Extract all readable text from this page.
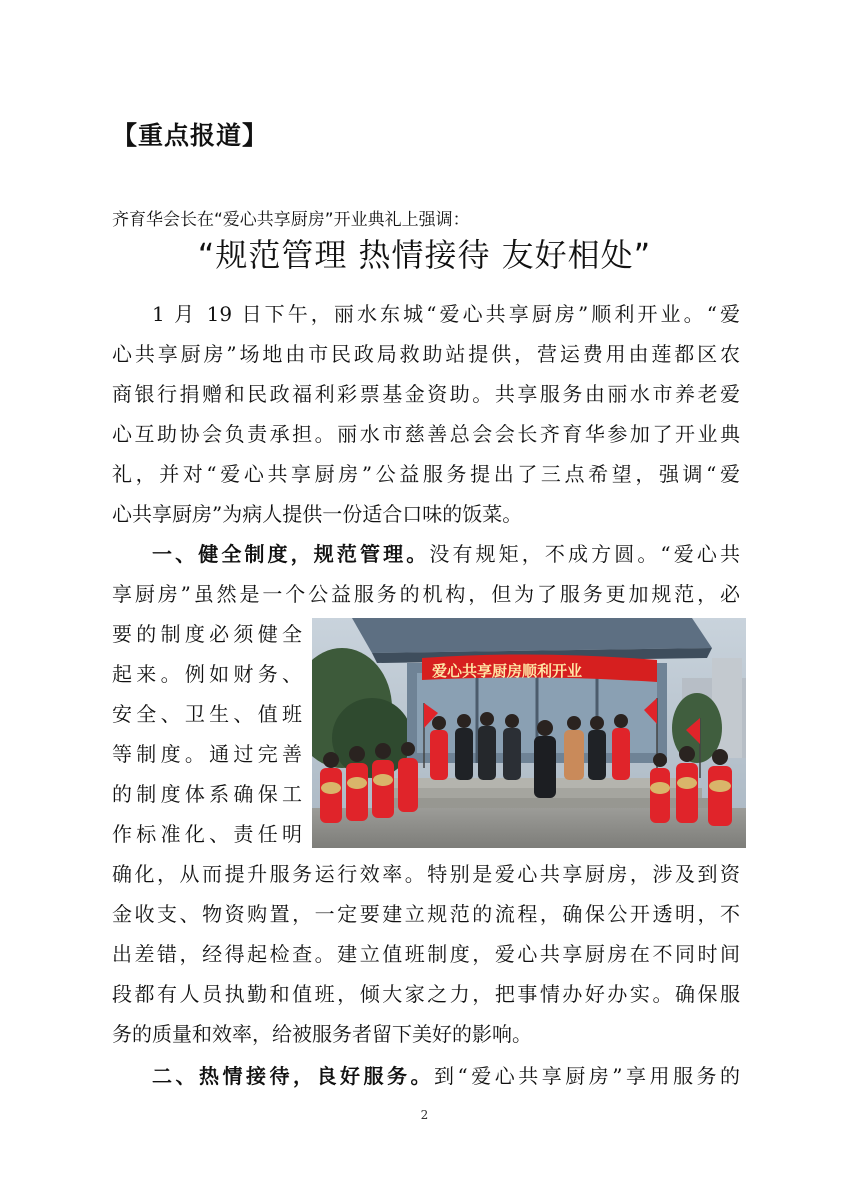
【重点报道】
齐育华会长在“爱心共享厨房”开业典礼上强调：
“规范管理 热情接待 友好相处”
1 月 19 日下午，丽水东城“爱心共享厨房”顺利开业。“爱
心共享厨房”场地由市民政局救助站提供，营运费用由莲都区农
商银行捐赠和民政福利彩票基金资助。共享服务由丽水市养老爱
心互助协会负责承担。丽水市慈善总会会长齐育华参加了开业典
礼，并对“爱心共享厨房”公益服务提出了三点希望，强调“爱
心共享厨房”为病人提供一份适合口味的饭菜。
一、健全制度，规范管理。没有规矩，不成方圆。“爱心共
享厨房”虽然是一个公益服务的机构，但为了服务更加规范，必
要的制度必须健全
起来。例如财务、
安全、卫生、值班
等制度。通过完善
的制度体系确保工
作标准化、责任明
爱心共享厨房顺利开业
确化，从而提升服务运行效率。特别是爱心共享厨房，涉及到资
金收支、物资购置，一定要建立规范的流程，确保公开透明，不
出差错，经得起检查。建立值班制度，爱心共享厨房在不同时间
段都有人员执勤和值班，倾大家之力，把事情办好办实。确保服
务的质量和效率，给被服务者留下美好的影响。
二、热情接待，良好服务。到“爱心共享厨房”享用服务的
2
